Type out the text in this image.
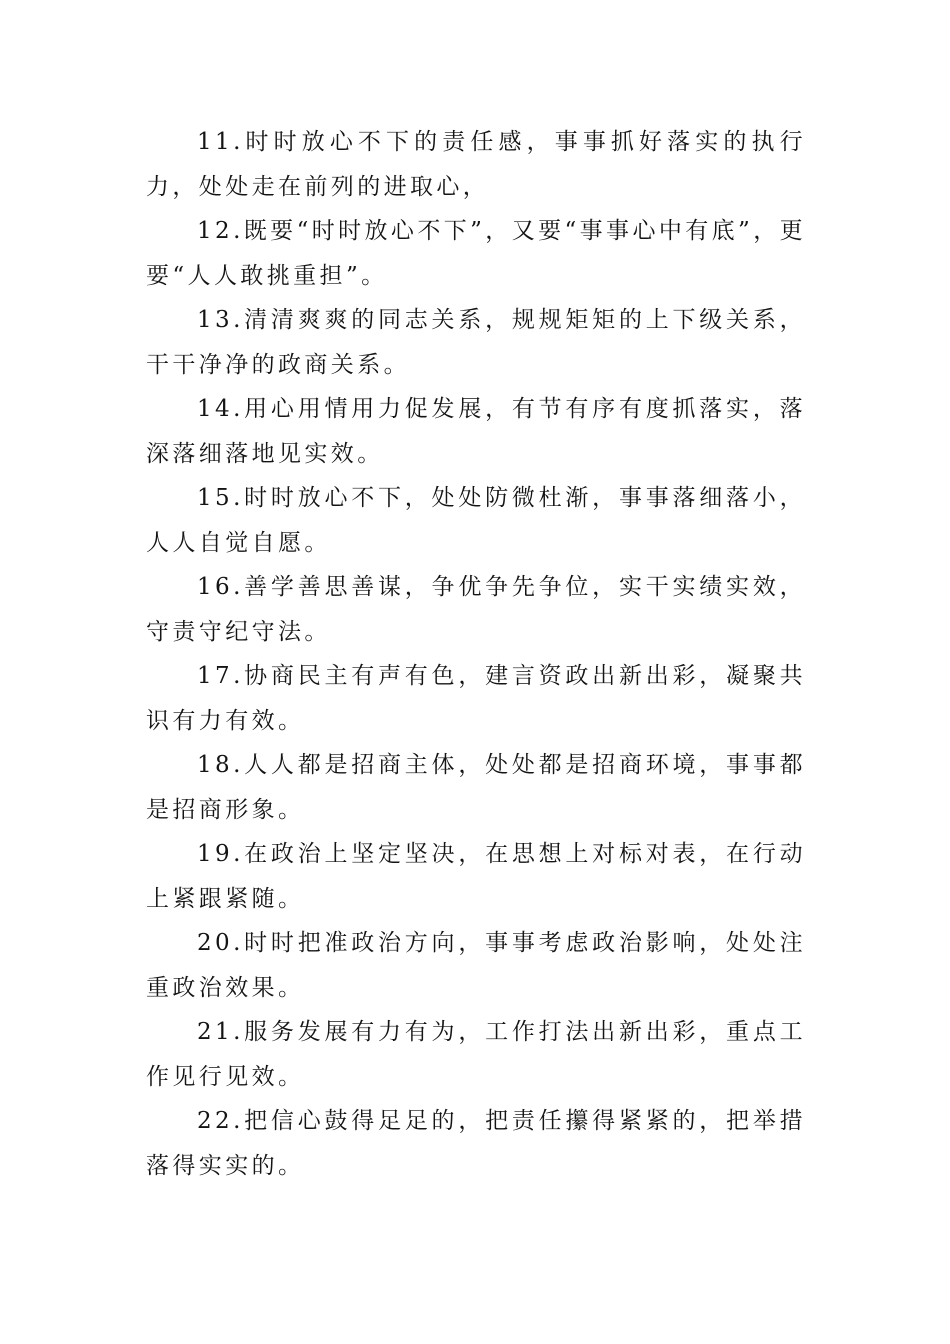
11.时时放心不下的责任感，事事抓好落实的执行力，处处走在前列的进取心，

12.既要“时时放心不下”，又要“事事心中有底”，更要“人人敢挑重担”。

13.清清爽爽的同志关系，规规矩矩的上下级关系，干干净净的政商关系。

14.用心用情用力促发展，有节有序有度抓落实，落深落细落地见实效。

15.时时放心不下，处处防微杜渐，事事落细落小，人人自觉自愿。

16.善学善思善谋，争优争先争位，实干实绩实效，守责守纪守法。

17.协商民主有声有色，建言资政出新出彩，凝聚共识有力有效。

18.人人都是招商主体，处处都是招商环境，事事都是招商形象。

19.在政治上坚定坚决，在思想上对标对表，在行动上紧跟紧随。

20.时时把准政治方向，事事考虑政治影响，处处注重政治效果。

21.服务发展有力有为，工作打法出新出彩，重点工作见行见效。

22.把信心鼓得足足的，把责任攥得紧紧的，把举措落得实实的。
